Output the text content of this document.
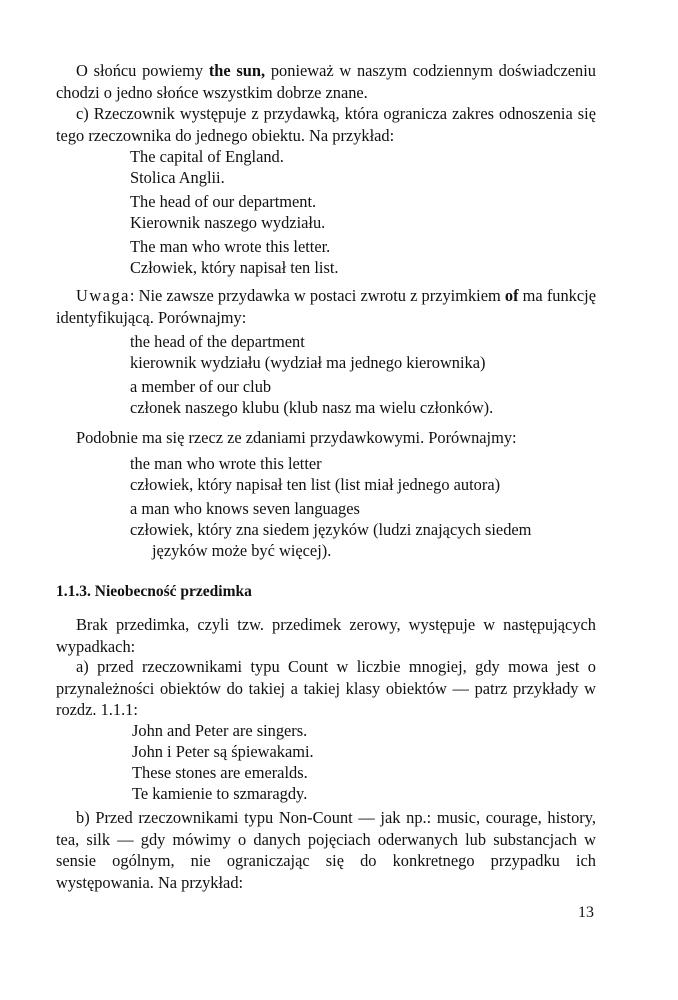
O słońcu powiemy the sun, ponieważ w naszym codziennym doświadczeniu chodzi o jedno słońce wszystkim dobrze znane.

c) Rzeczownik występuje z przydawką, która ogranicza zakres odnoszenia się tego rzeczownika do jednego obiektu. Na przykład:

The capital of England.
Stolica Anglii.
The head of our department.
Kierownik naszego wydziału.
The man who wrote this letter.
Człowiek, który napisał ten list.

Uwaga: Nie zawsze przydawka w postaci zwrotu z przyimkiem of ma funkcję identyfikującą. Porównajmy:

the head of the department
kierownik wydziału (wydział ma jednego kierownika)
a member of our club
członek naszego klubu (klub nasz ma wielu członków).

Podobnie ma się rzecz ze zdaniami przydawkowymi. Porównajmy:

the man who wrote this letter
człowiek, który napisał ten list (list miał jednego autora)
a man who knows seven languages
człowiek, który zna siedem języków (ludzi znających siedem
języków może być więcej).
1.1.3. Nieobecność przedimka

Brak przedimka, czyli tzw. przedimek zerowy, występuje w następujących wypadkach:

a) przed rzeczownikami typu Count w liczbie mnogiej, gdy mowa jest o przynależności obiektów do takiej a takiej klasy obiektów — patrz przykłady w rozdz. 1.1.1:

John and Peter are singers.
John i Peter są śpiewakami.
These stones are emeralds.
Te kamienie to szmaragdy.

b) Przed rzeczownikami typu Non-Count — jak np.: music, courage, history, tea, silk — gdy mówimy o danych pojęciach oderwanych lub substancjach w sensie ogólnym, nie ograniczając się do konkretnego przypadku ich występowania. Na przykład:

13
